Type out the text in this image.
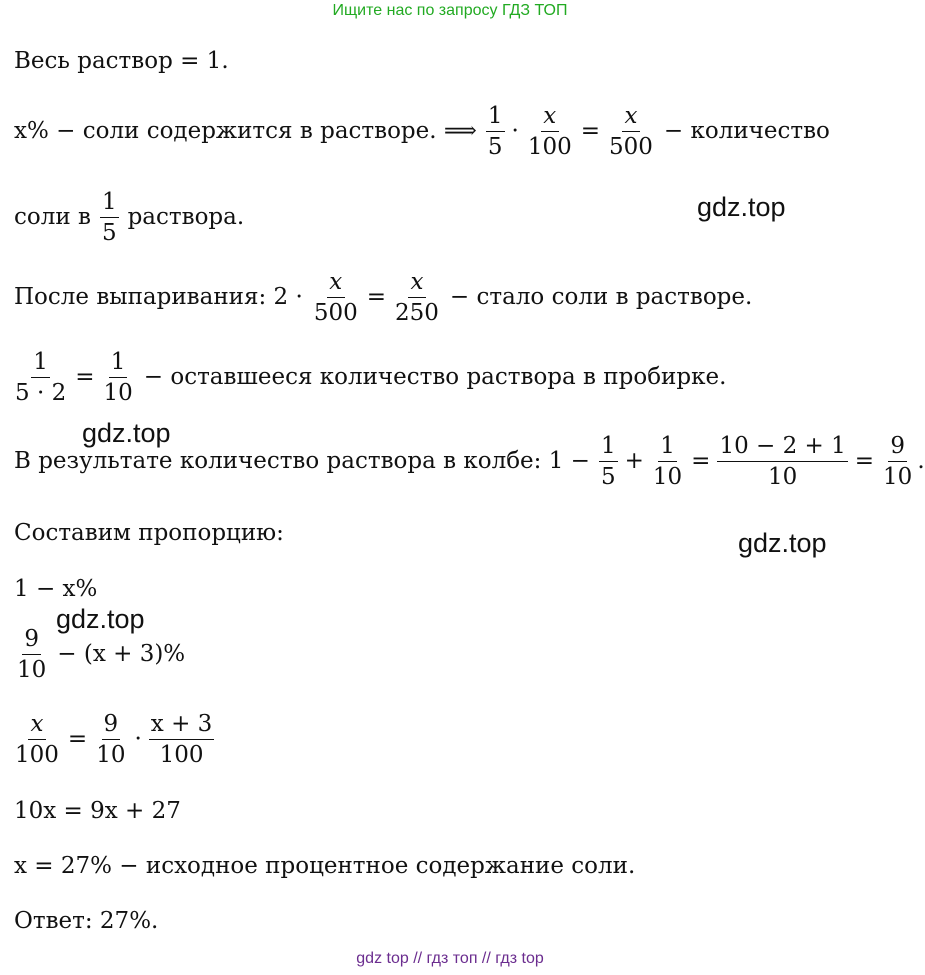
Ищите нас по запросу ГДЗ ТОП
gdz.top
gdz.top
gdz.top
gdz.top
Весь раствор = 1.
x% − соли содержится в растворе. ⟹ $\frac{1}{5} \cdot \frac{x}{100} = \frac{x}{500}$ − количество
соли в $\frac{1}{5}$ раствора.
После выпаривания: $2 \cdot \frac{x}{500} = \frac{x}{250}$ − стало соли в растворе.
$\frac{1}{5 \cdot 2} = \frac{1}{10}$ − оставшееся количество раствора в пробирке.
В результате количество раствора в колбе: $1 - \frac{1}{5} + \frac{1}{10} = \frac{10 - 2 + 1}{10} = \frac{9}{10}$ .
Составим пропорцию:
1 − x%
$\frac{9}{10} - (x + 3)\%$
$\frac{x}{100} = \frac{9}{10} \cdot \frac{x + 3}{100}$
10x = 9x + 27
x = 27% − исходное процентное содержание соли.
Ответ: 27%.
gdz top // гдз топ // гдз top
